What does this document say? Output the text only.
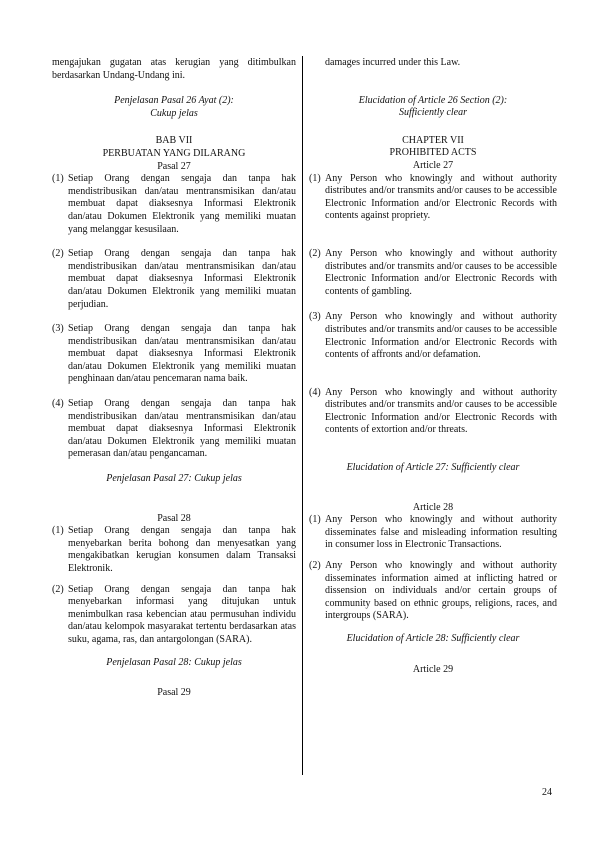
mengajukan gugatan atas kerugian yang ditimbulkan berdasarkan Undang-Undang ini.

Penjelasan Pasal 26 Ayat (2):
Cukup jelas
BAB VII
PERBUATAN YANG DILARANG
Pasal 27
(1) Setiap Orang dengan sengaja dan tanpa hak mendistribusikan dan/atau mentransmisikan dan/atau membuat dapat diaksesnya Informasi Elektronik dan/atau Dokumen Elektronik yang memiliki muatan yang melanggar kesusilaan.
(2) Setiap Orang dengan sengaja dan tanpa hak mendistribusikan dan/atau mentransmisikan dan/atau membuat dapat diaksesnya Informasi Elektronik dan/atau Dokumen Elektronik yang memiliki muatan perjudian.
(3) Setiap Orang dengan sengaja dan tanpa hak mendistribusikan dan/atau mentransmisikan dan/atau membuat dapat diaksesnya Informasi Elektronik dan/atau Dokumen Elektronik yang memiliki muatan penghinaan dan/atau pencemaran nama baik.
(4) Setiap Orang dengan sengaja dan tanpa hak mendistribusikan dan/atau mentransmisikan dan/atau membuat dapat diaksesnya Informasi Elektronik dan/atau Dokumen Elektronik yang memiliki muatan pemerasan dan/atau pengancaman.
Penjelasan Pasal 27: Cukup jelas
Pasal 28
(1) Setiap Orang dengan sengaja dan tanpa hak menyebarkan berita bohong dan menyesatkan yang mengakibatkan kerugian konsumen dalam Transaksi Elektronik.
(2) Setiap Orang dengan sengaja dan tanpa hak menyebarkan informasi yang ditujukan untuk menimbulkan rasa kebencian atau permusuhan individu dan/atau kelompok masyarakat tertentu berdasarkan atas suku, agama, ras, dan antargolongan (SARA).
Penjelasan Pasal 28: Cukup jelas
Pasal 29

damages incurred under this Law.

Elucidation of Article 26 Section (2):
Sufficiently clear
CHAPTER VII
PROHIBITED ACTS
Article 27
(1) Any Person who knowingly and without authority distributes and/or transmits and/or causes to be accessible Electronic Information and/or Electronic Records with contents against propriety.
(2) Any Person who knowingly and without authority distributes and/or transmits and/or causes to be accessible Electronic Information and/or Electronic Records with contents of gambling.
(3) Any Person who knowingly and without authority distributes and/or transmits and/or causes to be accessible Electronic Information and/or Electronic Records with contents of affronts and/or defamation.
(4) Any Person who knowingly and without authority distributes and/or transmits and/or causes to be accessible Electronic Information and/or Electronic Records with contents of extortion and/or threats.
Elucidation of Article 27: Sufficiently clear
Article 28
(1) Any Person who knowingly and without authority disseminates false and misleading information resulting in consumer loss in Electronic Transactions.
(2) Any Person who knowingly and without authority disseminates information aimed at inflicting hatred or dissension on individuals and/or certain groups of community based on ethnic groups, religions, races, and intergroups (SARA).
Elucidation of Article 28: Sufficiently clear
Article 29
24
